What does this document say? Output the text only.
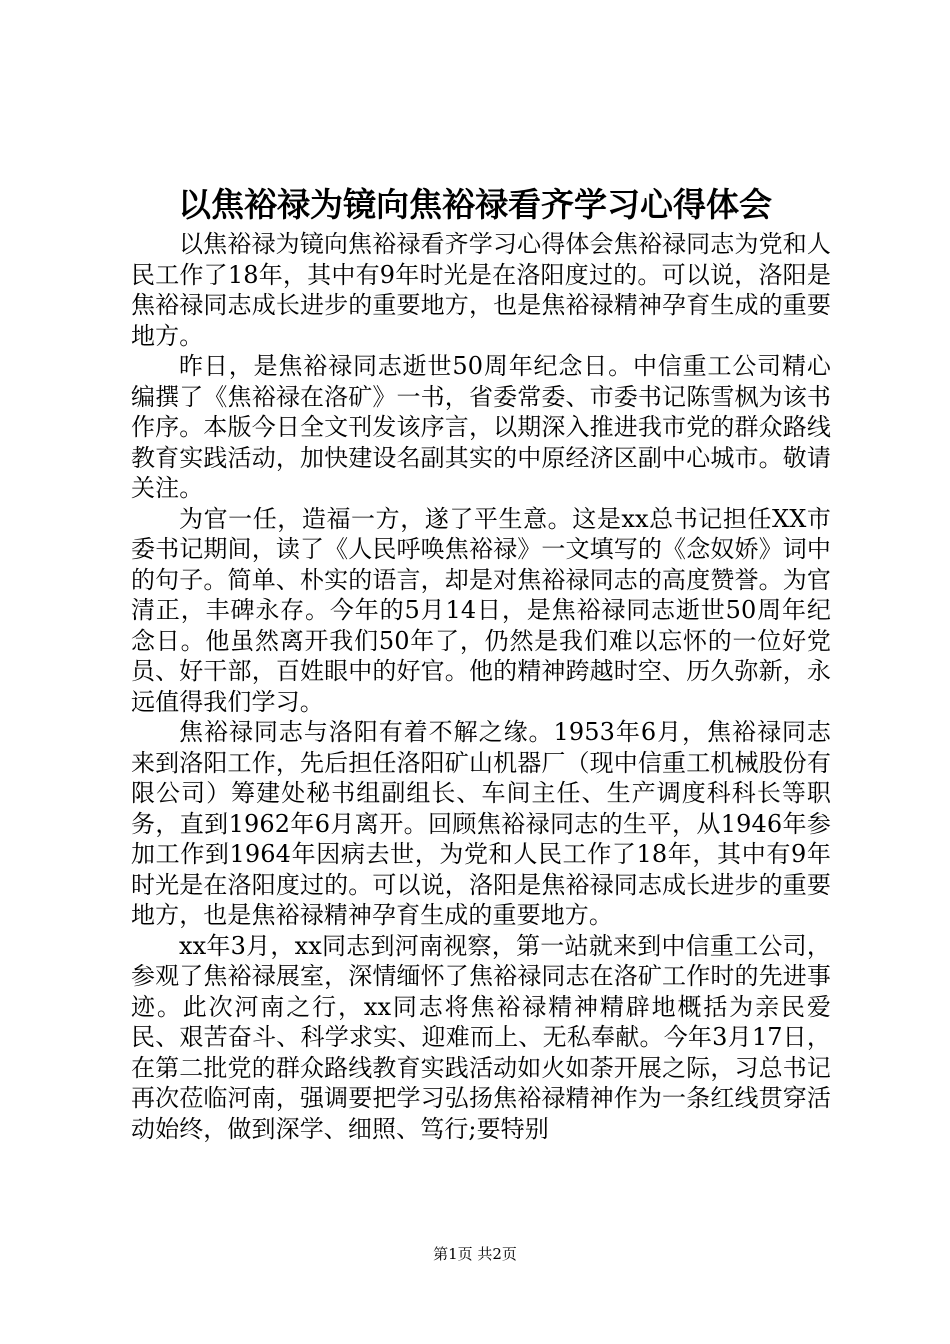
以焦裕禄为镜向焦裕禄看齐学习心得体会

以焦裕禄为镜向焦裕禄看齐学习心得体会焦裕禄同志为党和人民工作了18年，其中有9年时光是在洛阳度过的。可以说，洛阳是焦裕禄同志成长进步的重要地方，也是焦裕禄精神孕育生成的重要地方。

昨日，是焦裕禄同志逝世50周年纪念日。中信重工公司精心编撰了《焦裕禄在洛矿》一书，省委常委、市委书记陈雪枫为该书作序。本版今日全文刊发该序言，以期深入推进我市党的群众路线教育实践活动，加快建设名副其实的中原经济区副中心城市。敬请关注。

为官一任，造福一方，遂了平生意。这是xx总书记担任XX市委书记期间，读了《人民呼唤焦裕禄》一文填写的《念奴娇》词中的句子。简单、朴实的语言，却是对焦裕禄同志的高度赞誉。为官清正，丰碑永存。今年的5月14日，是焦裕禄同志逝世50周年纪念日。他虽然离开我们50年了，仍然是我们难以忘怀的一位好党员、好干部，百姓眼中的好官。他的精神跨越时空、历久弥新，永远值得我们学习。

焦裕禄同志与洛阳有着不解之缘。1953年6月，焦裕禄同志来到洛阳工作，先后担任洛阳矿山机器厂（现中信重工机械股份有限公司）筹建处秘书组副组长、车间主任、生产调度科科长等职务，直到1962年6月离开。回顾焦裕禄同志的生平，从1946年参加工作到1964年因病去世，为党和人民工作了18年，其中有9年时光是在洛阳度过的。可以说，洛阳是焦裕禄同志成长进步的重要地方，也是焦裕禄精神孕育生成的重要地方。

xx年3月，xx同志到河南视察，第一站就来到中信重工公司，参观了焦裕禄展室，深情缅怀了焦裕禄同志在洛矿工作时的先进事迹。此次河南之行，xx同志将焦裕禄精神精辟地概括为亲民爱民、艰苦奋斗、科学求实、迎难而上、无私奉献。今年3月17日，在第二批党的群众路线教育实践活动如火如荼开展之际，习总书记再次莅临河南，强调要把学习弘扬焦裕禄精神作为一条红线贯穿活动始终，做到深学、细照、笃行;要特别

第1页 共2页
